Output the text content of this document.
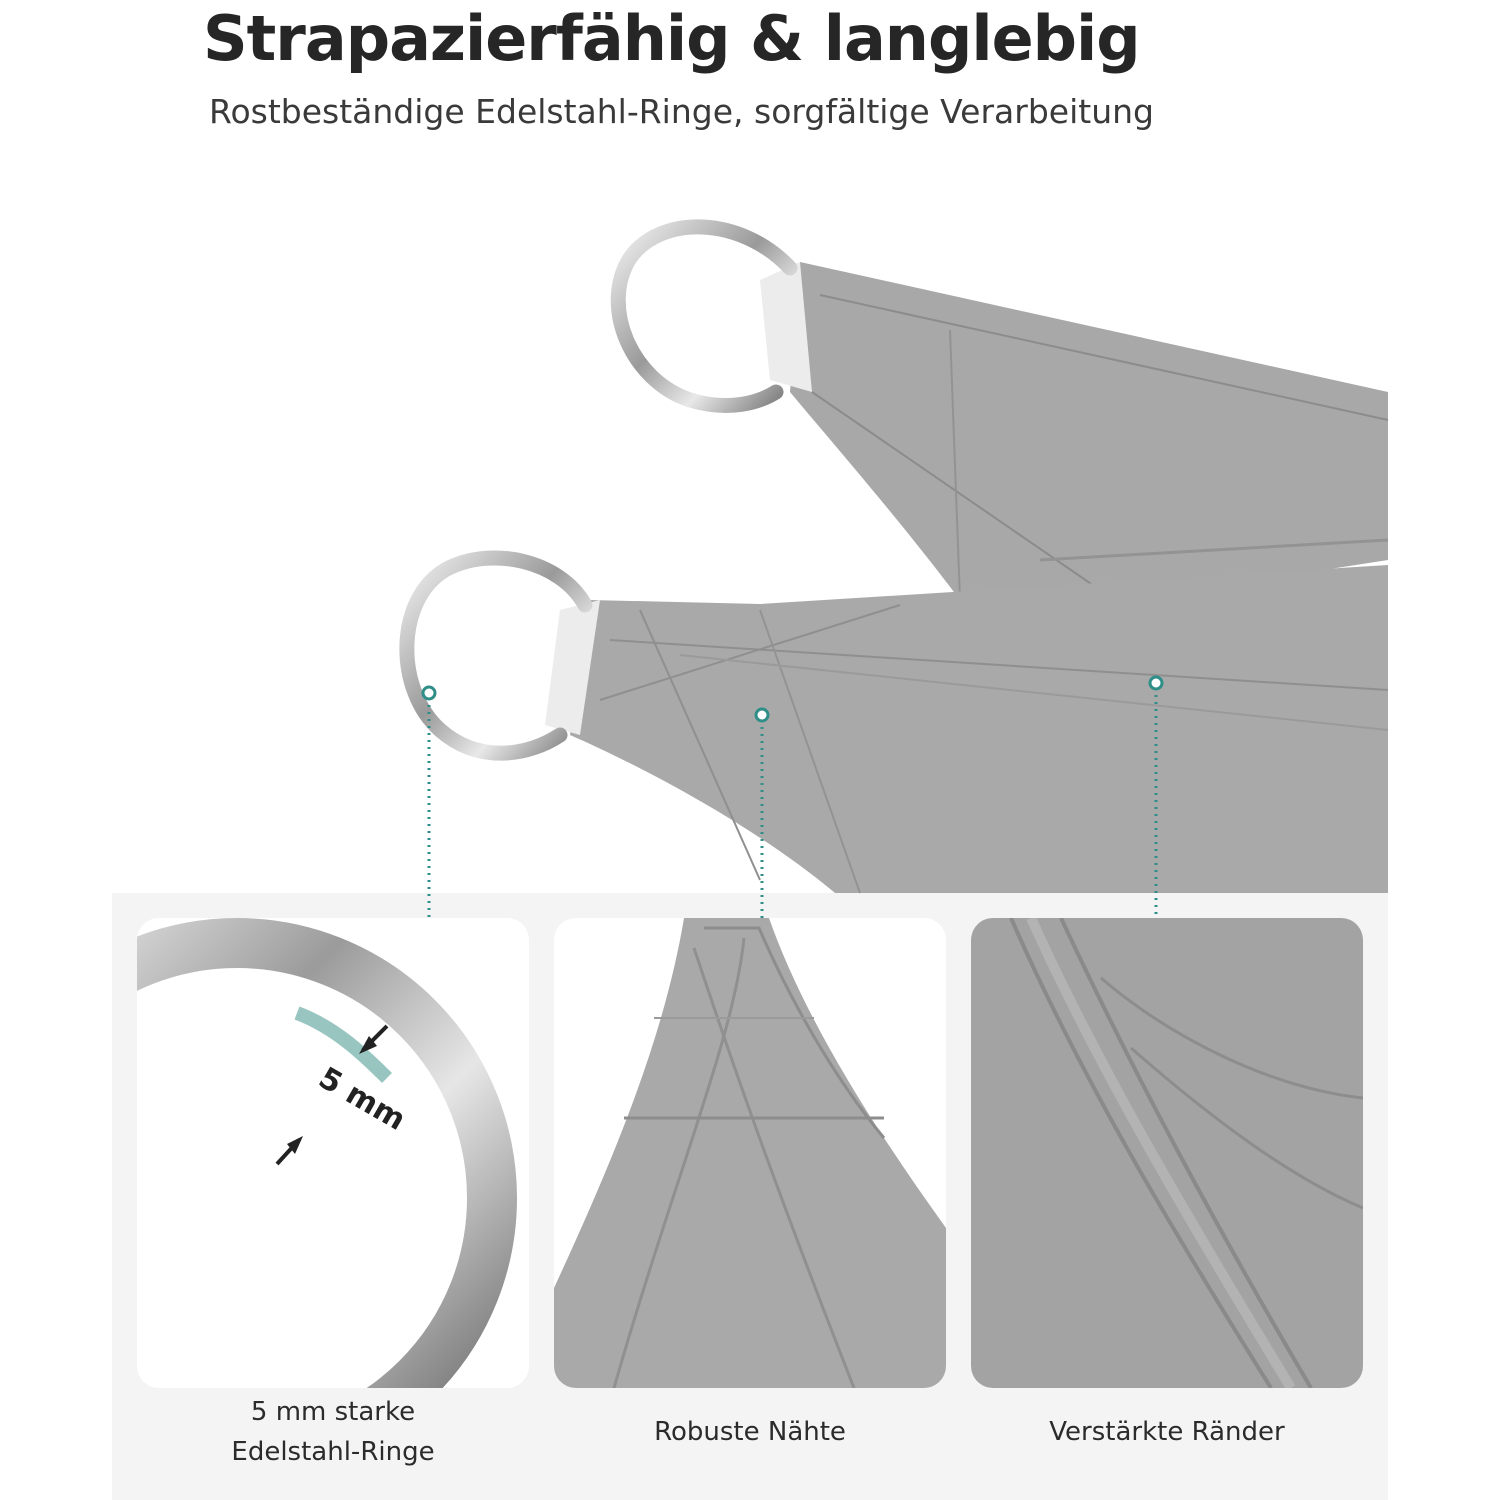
Strapazierfähig & langlebig

Rostbeständige Edelstahl-Ringe, sorgfältige Verarbeitung

5 mm
5 mm starke
Edelstahl-Ringe
Robuste Nähte	Verstärkte Ränder
